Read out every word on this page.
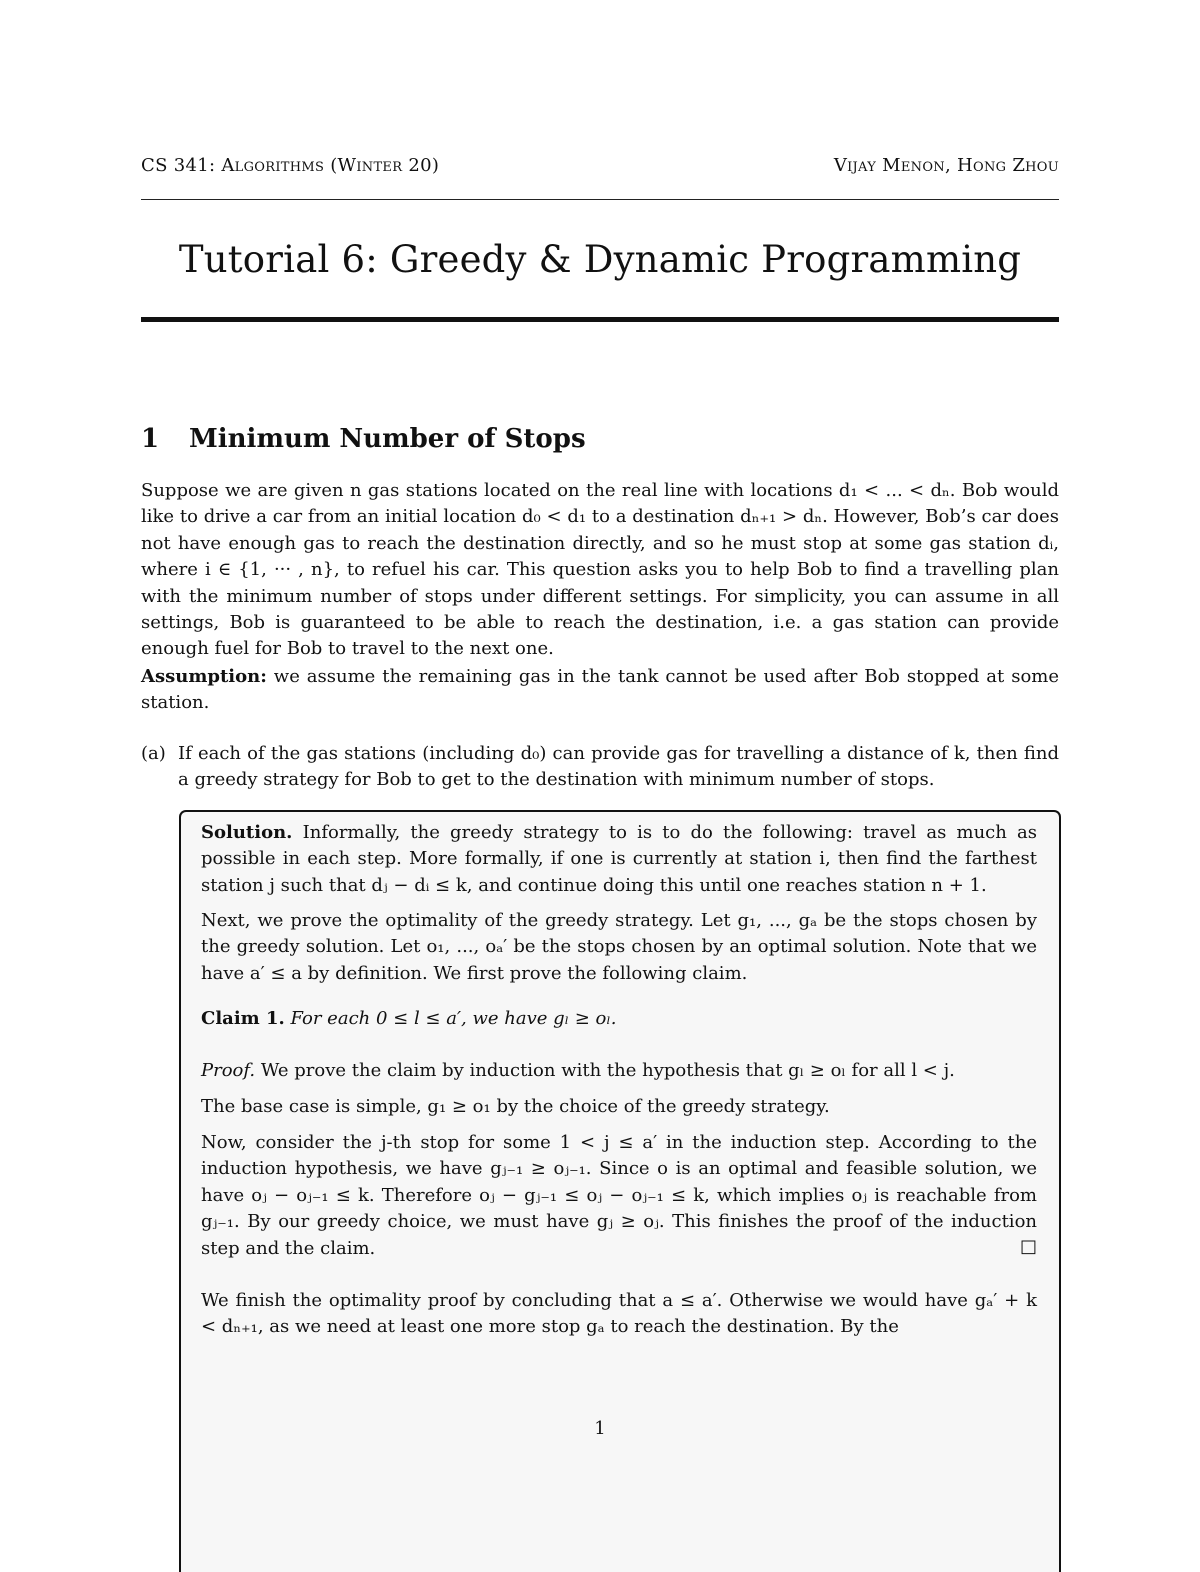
CS 341: Algorithms (Winter 20)	Vijay Menon, Hong Zhou
Tutorial 6: Greedy & Dynamic Programming
1 Minimum Number of Stops
Suppose we are given n gas stations located on the real line with locations d₁ < ... < dₙ. Bob would like to drive a car from an initial location d₀ < d₁ to a destination dₙ₊₁ > dₙ. However, Bob’s car does not have enough gas to reach the destination directly, and so he must stop at some gas station dᵢ, where i ∈ {1, ··· , n}, to refuel his car. This question asks you to help Bob to find a travelling plan with the minimum number of stops under different settings. For simplicity, you can assume in all settings, Bob is guaranteed to be able to reach the destination, i.e. a gas station can provide enough fuel for Bob to travel to the next one.
Assumption: we assume the remaining gas in the tank cannot be used after Bob stopped at some station.
(a) If each of the gas stations (including d₀) can provide gas for travelling a distance of k, then find a greedy strategy for Bob to get to the destination with minimum number of stops.
Solution. Informally, the greedy strategy to is to do the following: travel as much as possible in each step. More formally, if one is currently at station i, then find the farthest station j such that dⱼ − dᵢ ≤ k, and continue doing this until one reaches station n + 1.
Next, we prove the optimality of the greedy strategy. Let g₁, ..., gₐ be the stops chosen by the greedy solution. Let o₁, ..., oₐ′ be the stops chosen by an optimal solution. Note that we have a′ ≤ a by definition. We first prove the following claim.
Claim 1. For each 0 ≤ l ≤ a′, we have gₗ ≥ oₗ.
Proof. We prove the claim by induction with the hypothesis that gₗ ≥ oₗ for all l < j.
The base case is simple, g₁ ≥ o₁ by the choice of the greedy strategy.
Now, consider the j-th stop for some 1 < j ≤ a′ in the induction step. According to the induction hypothesis, we have gⱼ₋₁ ≥ oⱼ₋₁. Since o is an optimal and feasible solution, we have oⱼ − oⱼ₋₁ ≤ k. Therefore oⱼ − gⱼ₋₁ ≤ oⱼ − oⱼ₋₁ ≤ k, which implies oⱼ is reachable from gⱼ₋₁. By our greedy choice, we must have gⱼ ≥ oⱼ. This finishes the proof of the induction step and the claim.	□
We finish the optimality proof by concluding that a ≤ a′. Otherwise we would have gₐ′ + k < dₙ₊₁, as we need at least one more stop gₐ to reach the destination. By the
1
